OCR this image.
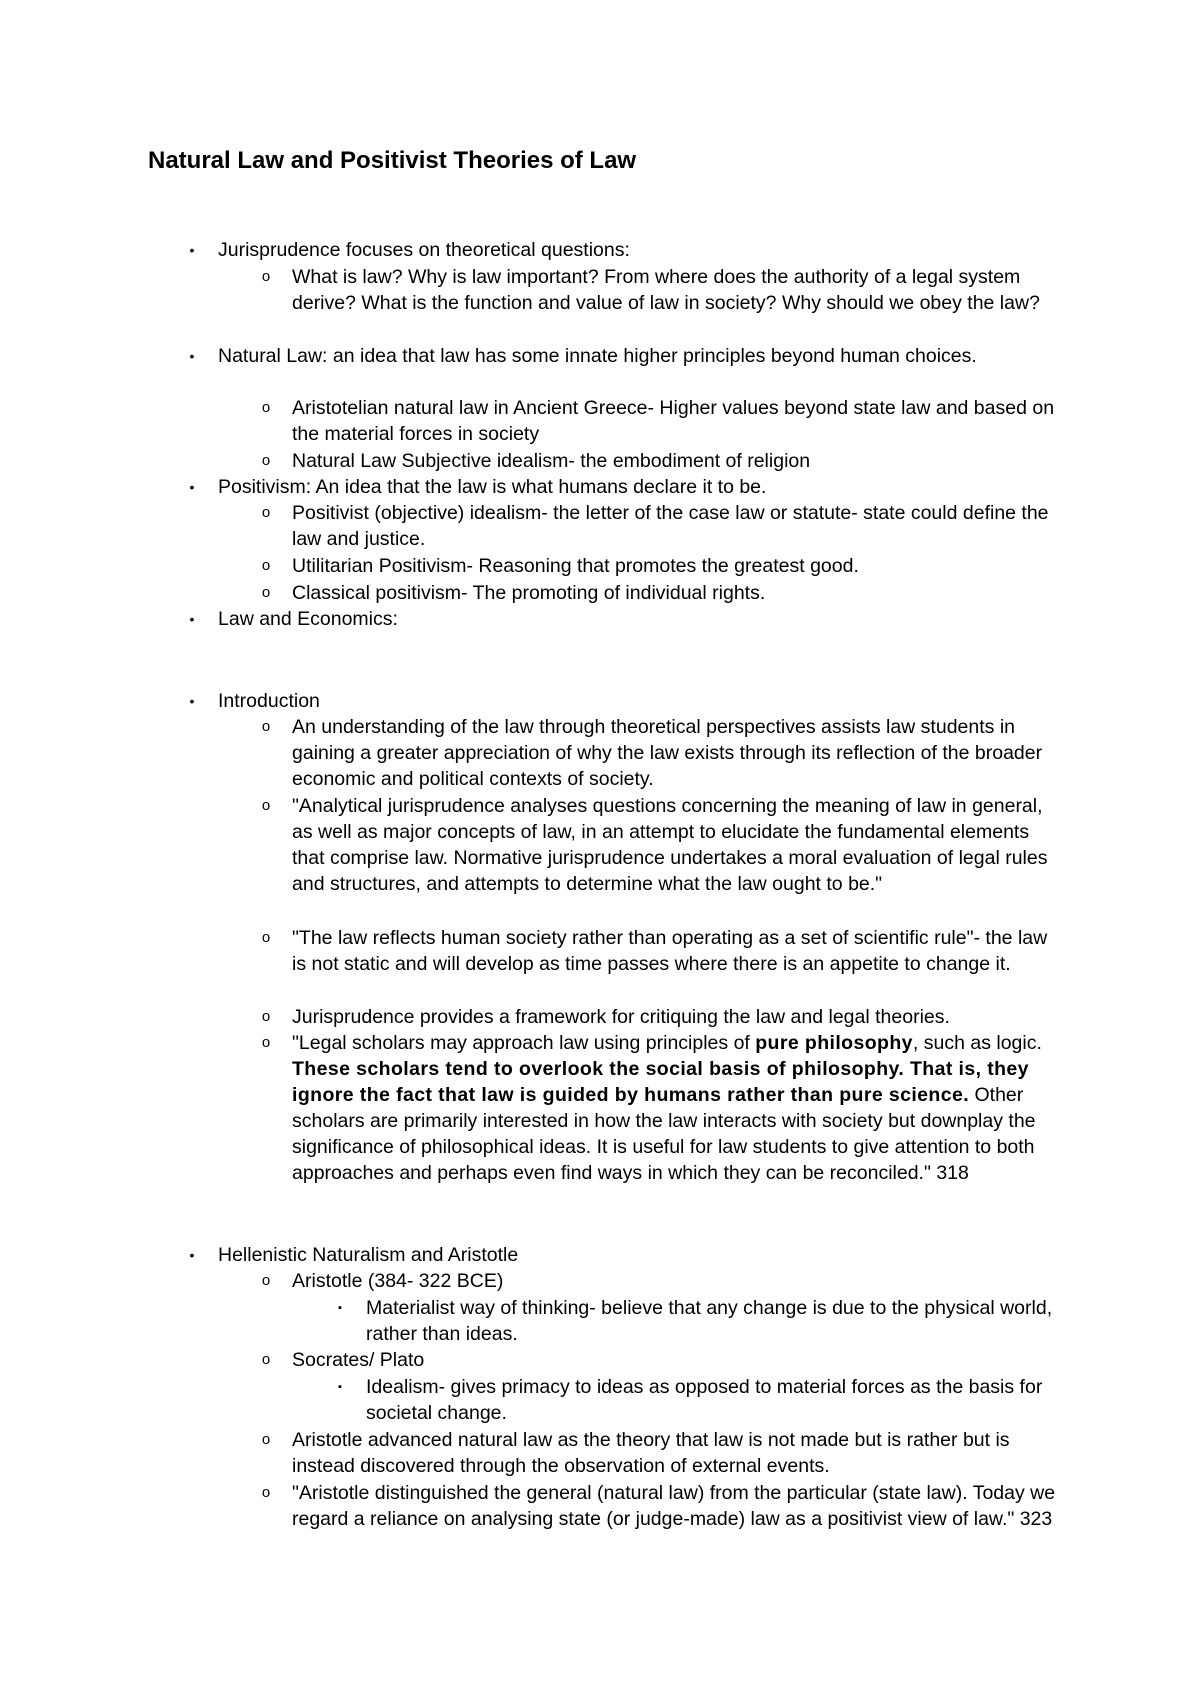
Natural Law and Positivist Theories of Law
•	Jurisprudence focuses on theoretical questions:
o What is law? Why is law important? From where does the authority of a legal system derive? What is the function and value of law in society? Why should we obey the law?
•	Natural Law: an idea that law has some innate higher principles beyond human choices.
o Aristotelian natural law in Ancient Greece- Higher values beyond state law and based on the material forces in society
o Natural Law Subjective idealism- the embodiment of religion
•	Positivism: An idea that the law is what humans declare it to be.
o Positivist (objective) idealism- the letter of the case law or statute- state could define the law and justice.
o Utilitarian Positivism- Reasoning that promotes the greatest good.
o Classical positivism- The promoting of individual rights.
•	Law and Economics:
•	Introduction
o An understanding of the law through theoretical perspectives assists law students in gaining a greater appreciation of why the law exists through its reflection of the broader economic and political contexts of society.
o "Analytical jurisprudence analyses questions concerning the meaning of law in general, as well as major concepts of law, in an attempt to elucidate the fundamental elements that comprise law. Normative jurisprudence undertakes a moral evaluation of legal rules and structures, and attempts to determine what the law ought to be."
o "The law reflects human society rather than operating as a set of scientific rule"- the law is not static and will develop as time passes where there is an appetite to change it.
o Jurisprudence provides a framework for critiquing the law and legal theories.
o "Legal scholars may approach law using principles of pure philosophy, such as logic. These scholars tend to overlook the social basis of philosophy. That is, they ignore the fact that law is guided by humans rather than pure science. Other scholars are primarily interested in how the law interacts with society but downplay the significance of philosophical ideas. It is useful for law students to give attention to both approaches and perhaps even find ways in which they can be reconciled." 318
•	Hellenistic Naturalism and Aristotle
o Aristotle (384- 322 BCE)
▪	Materialist way of thinking- believe that any change is due to the physical world, rather than ideas.
o Socrates/ Plato
▪	Idealism- gives primacy to ideas as opposed to material forces as the basis for societal change.
o Aristotle advanced natural law as the theory that law is not made but is rather but is instead discovered through the observation of external events.
o "Aristotle distinguished the general (natural law) from the particular (state law). Today we regard a reliance on analysing state (or judge-made) law as a positivist view of law." 323
